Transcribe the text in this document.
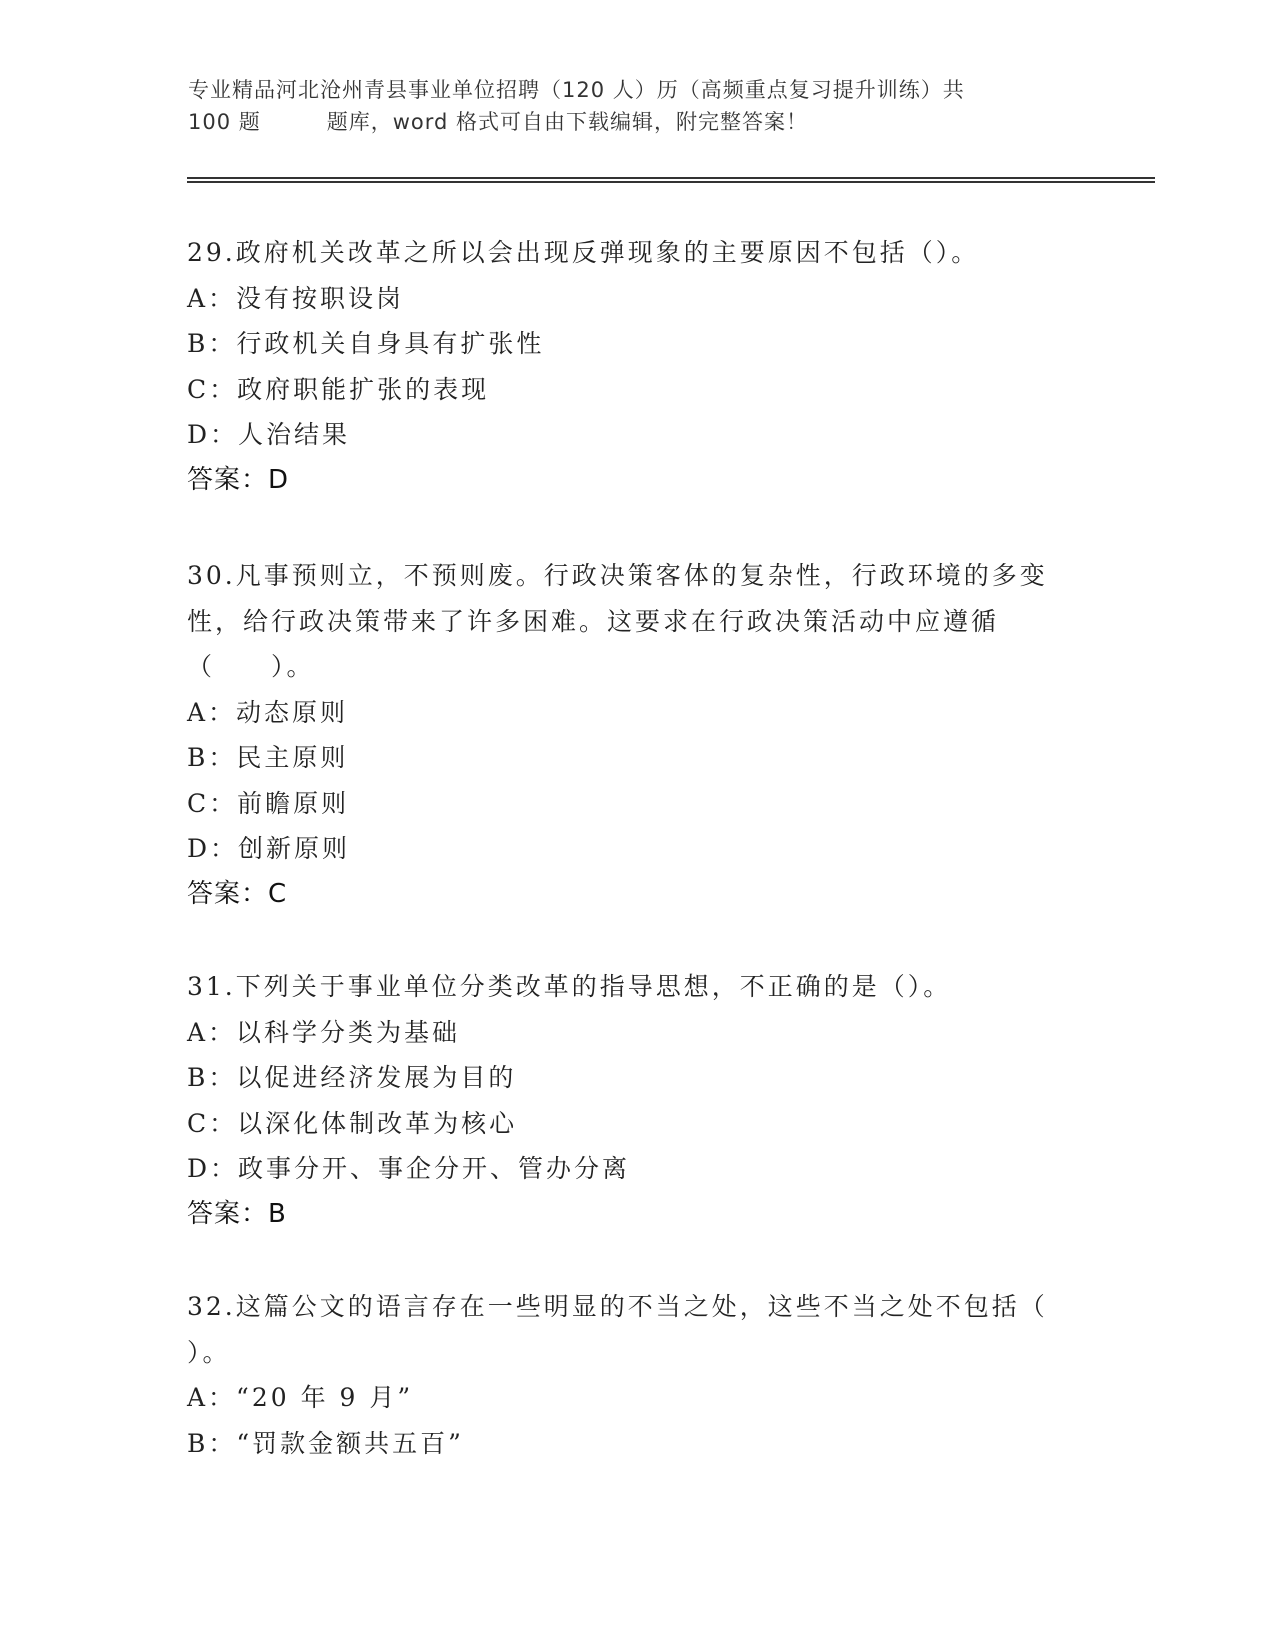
专业精品河北沧州青县事业单位招聘（120 人）历（高频重点复习提升训练）共
100 题　　　题库，word 格式可自由下载编辑，附完整答案！
29.政府机关改革之所以会出现反弹现象的主要原因不包括（）。
A：没有按职设岗
B：行政机关自身具有扩张性
C：政府职能扩张的表现
D：人治结果
答案：D
30.凡事预则立，不预则废。行政决策客体的复杂性，行政环境的多变
性，给行政决策带来了许多困难。这要求在行政决策活动中应遵循
（　　）。
A：动态原则
B：民主原则
C：前瞻原则
D：创新原则
答案：C
31.下列关于事业单位分类改革的指导思想，不正确的是（）。
A：以科学分类为基础
B：以促进经济发展为目的
C：以深化体制改革为核心
D：政事分开、事企分开、管办分离
答案：B
32.这篇公文的语言存在一些明显的不当之处，这些不当之处不包括（
）。
A：“20 年 9 月”
B：“罚款金额共五百”
